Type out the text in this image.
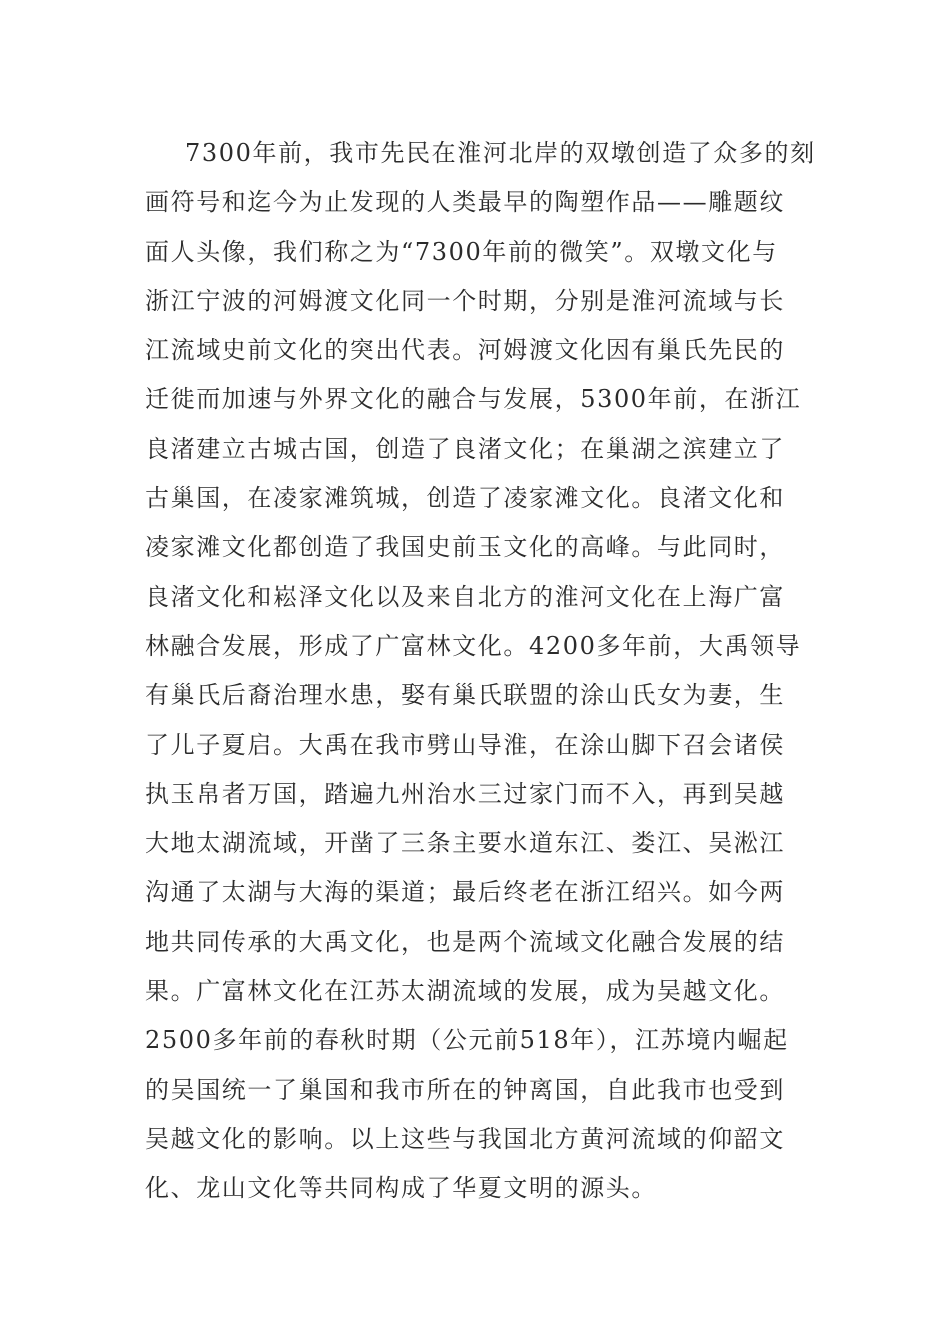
7300年前，我市先民在淮河北岸的双墩创造了众多的刻
画符号和迄今为止发现的人类最早的陶塑作品——雕题纹
面人头像，我们称之为“7300年前的微笑”。双墩文化与
浙江宁波的河姆渡文化同一个时期，分别是淮河流域与长
江流域史前文化的突出代表。河姆渡文化因有巢氏先民的
迁徙而加速与外界文化的融合与发展，5300年前，在浙江
良渚建立古城古国，创造了良渚文化；在巢湖之滨建立了
古巢国，在凌家滩筑城，创造了凌家滩文化。良渚文化和
凌家滩文化都创造了我国史前玉文化的高峰。与此同时，
良渚文化和崧泽文化以及来自北方的淮河文化在上海广富
林融合发展，形成了广富林文化。4200多年前，大禹领导
有巢氏后裔治理水患，娶有巢氏联盟的涂山氏女为妻，生
了儿子夏启。大禹在我市劈山导淮，在涂山脚下召会诸侯
执玉帛者万国，踏遍九州治水三过家门而不入，再到吴越
大地太湖流域，开凿了三条主要水道东江、娄江、吴淞江
沟通了太湖与大海的渠道；最后终老在浙江绍兴。如今两
地共同传承的大禹文化，也是两个流域文化融合发展的结
果。广富林文化在江苏太湖流域的发展，成为吴越文化。
2500多年前的春秋时期（公元前518年），江苏境内崛起
的吴国统一了巢国和我市所在的钟离国，自此我市也受到
吴越文化的影响。以上这些与我国北方黄河流域的仰韶文
化、龙山文化等共同构成了华夏文明的源头。
